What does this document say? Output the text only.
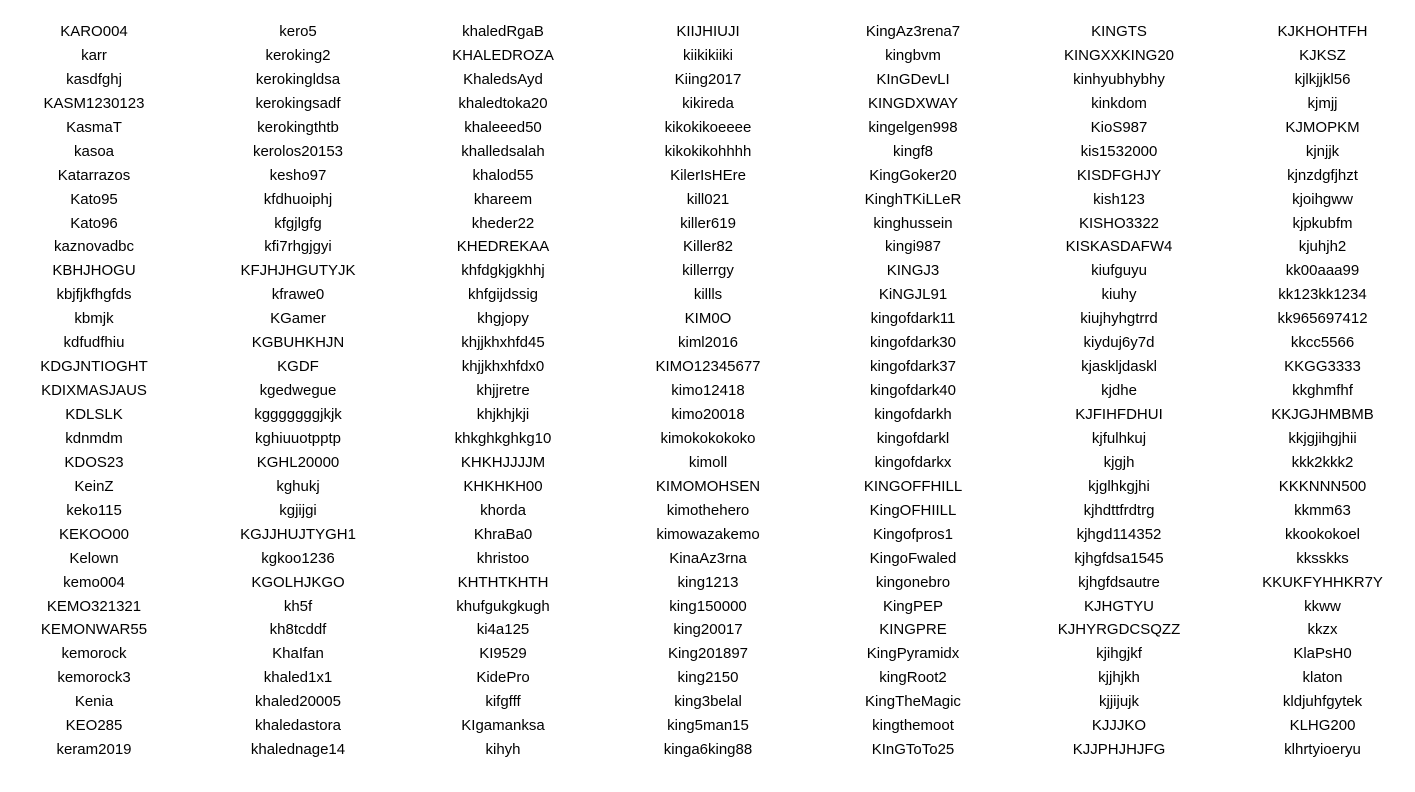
KARO004	kero5	khaledRgaB	KIIJHIUJI	KingAz3rena7	KINGTS	KJKHOHTFH
karr	keroking2	KHALEDROZA	kiikikiiki	kingbvm	KINGXXKING20	KJKSZ
kasdfghj	kerokingldsa	KhaledsAyd	Kiing2017	KInGDevLI	kinhyubhybhy	kjlkjjkl56
KASM1230123	kerokingsadf	khaledtoka20	kikireda	KINGDXWAY	kinkdom	kjmjj
KasmaT	kerokingthtb	khaleeed50	kikokikoeeee	kingelgen998	KioS987	KJMOPKM
kasoa	kerolos20153	khalledsalah	kikokikohhhh	kingf8	kis1532000	kjnjjk
Katarrazos	kesho97	khalod55	KilerIsHEre	KingGoker20	KISDFGHJY	kjnzdgfjhzt
Kato95	kfdhuoiphj	khareem	kill021	KinghTKiLLeR	kish123	kjoihgww
Kato96	kfgjlgfg	kheder22	killer619	kinghussein	KISHO3322	kjpkubfm
kaznovadbc	kfi7rhgjgyi	KHEDREKAA	Killer82	kingi987	KISKASDAFW4	kjuhjh2
KBHJHOGU	KFJHJHGUTYJK	khfdgkjgkhhj	killerrgy	KINGJ3	kiufguyu	kk00aaa99
kbjfjkfhgfds	kfrawe0	khfgijdssig	killls	KiNGJL91	kiuhy	kk123kk1234
kbmjk	KGamer	khgjopy	KIM0O	kingofdark11	kiujhyhgtrrd	kk965697412
kdfudfhiu	KGBUHKHJN	khjjkhxhfd45	kiml2016	kingofdark30	kiyduj6y7d	kkcc5566
KDGJNTIOGHT	KGDF	khjjkhxhfdx0	KIMO12345677	kingofdark37	kjaskljdaskl	KKGG3333
KDIXMASJAUS	kgedwegue	khjjretre	kimo12418	kingofdark40	kjdhe	kkghmfhf
KDLSLK	kgggggggjkjk	khjkhjkji	kimo20018	kingofdarkh	KJFIHFDHUI	KKJGJHMBMB
kdnmdm	kghiuuotpptp	khkghkghkg10	kimokokokoko	kingofdarkl	kjfulhkuj	kkjgjihgjhii
KDOS23	KGHL20000	KHKHJJJJM	kimoll	kingofdarkx	kjgjh	kkk2kkk2
KeinZ	kghukj	KHKHKH00	KIMOMOHSEN	KINGOFFHILL	kjglhkgjhi	KKKNNN500
keko115	kgjijgi	khorda	kimothehero	KingOFHIILL	kjhdttfrdtrg	kkmm63
KEKOO00	KGJJHUJTYGH1	KhraBa0	kimowazakemo	Kingofpros1	kjhgd114352	kkookokoel
Kelown	kgkoo1236	khristoo	KinaAz3rna	KingoFwaled	kjhgfdsa1545	kksskks
kemo004	KGOLHJKGO	KHTHTKHTH	king1213	kingonebro	kjhgfdsautre	KKUKFYHHKR7Y
KEMO321321	kh5f	khufgukgkugh	king150000	KingPEP	KJHGTYU	kkww
KEMONWAR55	kh8tcddf	ki4a125	king20017	KINGPRE	KJHYRGDCSQZZ	kkzx
kemorock	KhaIfan	KI9529	King201897	KingPyramidx	kjihgjkf	KlaPsH0
kemorock3	khaled1x1	KidePro	king2150	kingRoot2	kjjhjkh	klaton
Kenia	khaled20005	kifgfff	king3belal	KingTheMagic	kjjijujk	kldjuhfgytek
KEO285	khaledastora	KIgamanksa	king5man15	kingthemoot	KJJJKO	KLHG200
keram2019	khalednage14	kihyh	kinga6king88	KInGToTo25	KJJPHJHJFG	klhrtyioeryu
